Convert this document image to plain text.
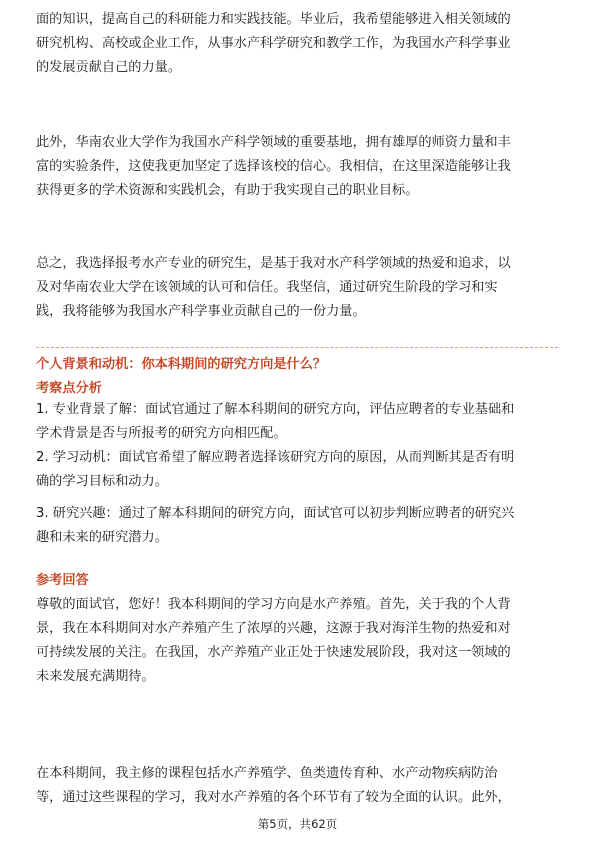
面的知识，提高自己的科研能力和实践技能。毕业后，我希望能够进入相关领域的
研究机构、高校或企业工作，从事水产科学研究和教学工作，为我国水产科学事业
的发展贡献自己的力量。
此外，华南农业大学作为我国水产科学领域的重要基地，拥有雄厚的师资力量和丰
富的实验条件，这使我更加坚定了选择该校的信心。我相信，在这里深造能够让我
获得更多的学术资源和实践机会，有助于我实现自己的职业目标。
总之，我选择报考水产专业的研究生，是基于我对水产科学领域的热爱和追求，以
及对华南农业大学在该领域的认可和信任。我坚信，通过研究生阶段的学习和实
践，我将能够为我国水产科学事业贡献自己的一份力量。
个人背景和动机：你本科期间的研究方向是什么？
考察点分析
1. 专业背景了解：面试官通过了解本科期间的研究方向，评估应聘者的专业基础和
学术背景是否与所报考的研究方向相匹配。
2. 学习动机：面试官希望了解应聘者选择该研究方向的原因，从而判断其是否有明
确的学习目标和动力。
3. 研究兴趣：通过了解本科期间的研究方向，面试官可以初步判断应聘者的研究兴
趣和未来的研究潜力。
参考回答
尊敬的面试官，您好！我本科期间的学习方向是水产养殖。首先，关于我的个人背
景，我在本科期间对水产养殖产生了浓厚的兴趣，这源于我对海洋生物的热爱和对
可持续发展的关注。在我国，水产养殖产业正处于快速发展阶段，我对这一领域的
未来发展充满期待。
在本科期间，我主修的课程包括水产养殖学、鱼类遗传育种、水产动物疾病防治
等，通过这些课程的学习，我对水产养殖的各个环节有了较为全面的认识。此外，
第5页，共62页
